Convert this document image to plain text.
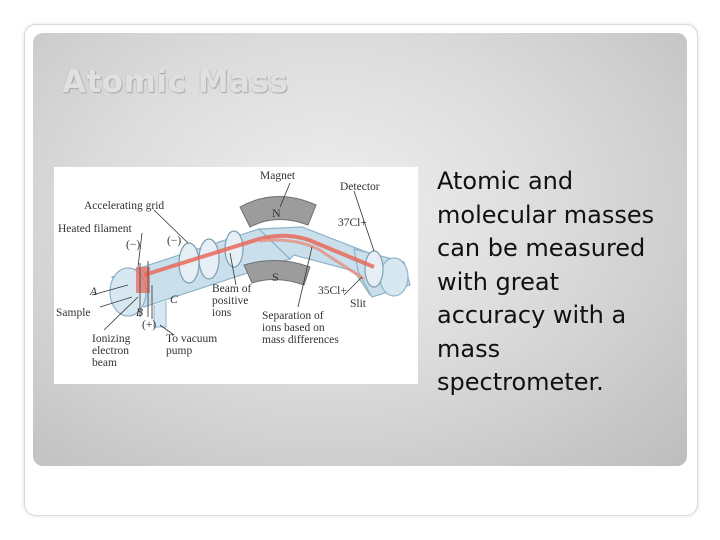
Atomic Mass
Magnet
Detector
Accelerating grid
Heated filament
N
37Cl+
(−) (−)
S
35Cl+
A
C
Sample	B
Beam of
positive
ions
Slit
(+)
Separation of
ions based on
mass differences
Ionizing
electron
beam
To vacuum
pump
Atomic and
molecular masses
can be measured
with great
accuracy with a
mass
spectrometer.
